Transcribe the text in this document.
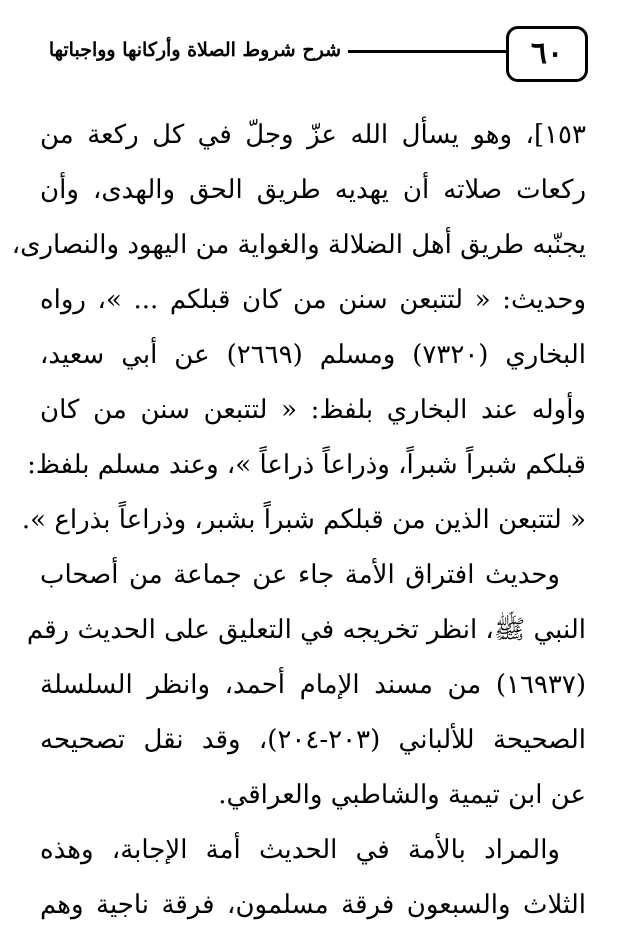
٦٠
شرح شروط الصلاة وأركانها وواجباتها
١٥٣]، وهو يسأل الله عزّ وجلّ في كل ركعة من
ركعات صلاته أن يهديه طريق الحق والهدى، وأن
يجنّبه طريق أهل الضلالة والغواية من اليهود والنصارى،
وحديث: « لتتبعن سنن من كان قبلكم ... »، رواه
البخاري (٧٣٢٠) ومسلم (٢٦٦٩) عن أبي سعيد،
وأوله عند البخاري بلفظ: « لتتبعن سنن من كان
قبلكم شبراً شبراً، وذراعاً ذراعاً »، وعند مسلم بلفظ:
« لتتبعن الذين من قبلكم شبراً بشبر، وذراعاً بذراع ».
وحديث افتراق الأمة جاء عن جماعة من أصحاب
النبي ﷺ، انظر تخريجه في التعليق على الحديث رقم
(١٦٩٣٧) من مسند الإمام أحمد، وانظر السلسلة
الصحيحة للألباني (٢٠٣-٢٠٤)، وقد نقل تصحيحه
عن ابن تيمية والشاطبي والعراقي.
والمراد بالأمة في الحديث أمة الإجابة، وهذه
الثلاث والسبعون فرقة مسلمون، فرقة ناجية وهم
